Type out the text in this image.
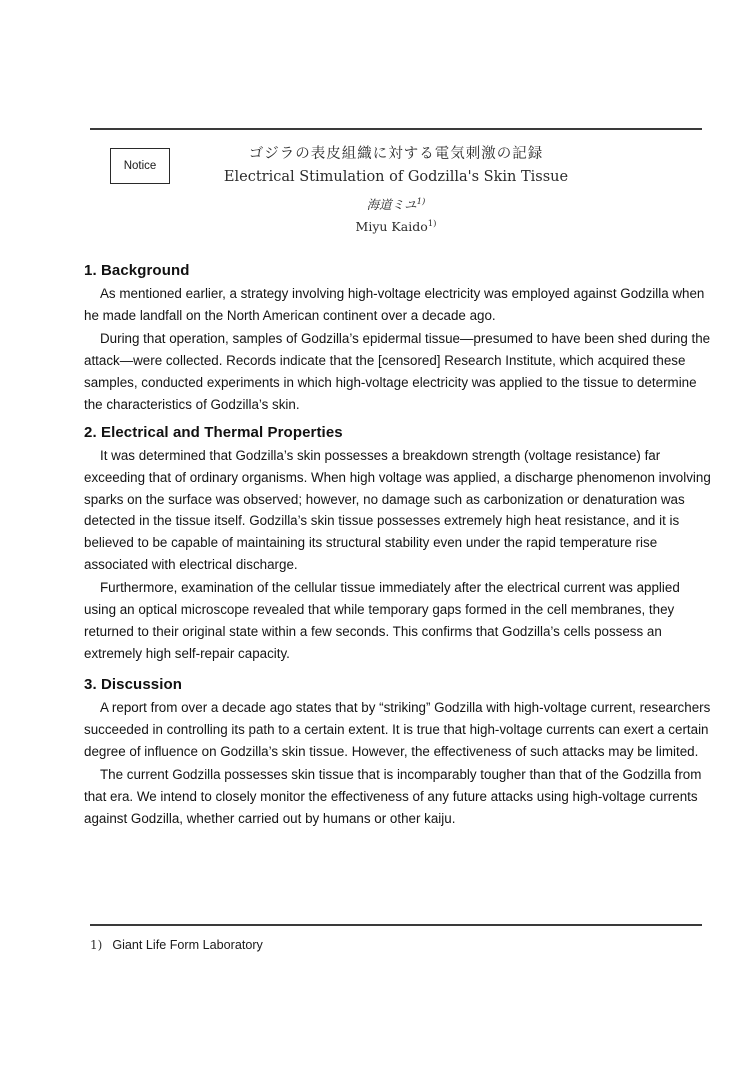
Notice
ゴジラの表皮組織に対する電気刺激の記録
Electrical Stimulation of Godzilla's Skin Tissue
海道ミユ$^{1)}$
Miyu Kaido$^{1)}$
1. Background

As mentioned earlier, a strategy involving high-voltage electricity was employed against Godzilla when he made landfall on the North American continent over a decade ago.

During that operation, samples of Godzilla’s epidermal tissue—presumed to have been shed during the attack—were collected. Records indicate that the [censored] Research Institute, which acquired these samples, conducted experiments in which high-voltage electricity was applied to the tissue to determine the characteristics of Godzilla’s skin.

2. Electrical and Thermal Properties

It was determined that Godzilla’s skin possesses a breakdown strength (voltage resistance) far exceeding that of ordinary organisms. When high voltage was applied, a discharge phenomenon involving sparks on the surface was observed; however, no damage such as carbonization or denaturation was detected in the tissue itself. Godzilla’s skin tissue possesses extremely high heat resistance, and it is believed to be capable of maintaining its structural stability even under the rapid temperature rise associated with electrical discharge.

Furthermore, examination of the cellular tissue immediately after the electrical current was applied using an optical microscope revealed that while temporary gaps formed in the cell membranes, they returned to their original state within a few seconds. This confirms that Godzilla’s cells possess an extremely high self-repair capacity.

3. Discussion

A report from over a decade ago states that by “striking” Godzilla with high-voltage current, researchers succeeded in controlling its path to a certain extent. It is true that high-voltage currents can exert a certain degree of influence on Godzilla’s skin tissue. However, the effectiveness of such attacks may be limited.

The current Godzilla possesses skin tissue that is incomparably tougher than that of the Godzilla from that era. We intend to closely monitor the effectiveness of any future attacks using high-voltage currents against Godzilla, whether carried out by humans or other kaiju.

1) Giant Life Form Laboratory
